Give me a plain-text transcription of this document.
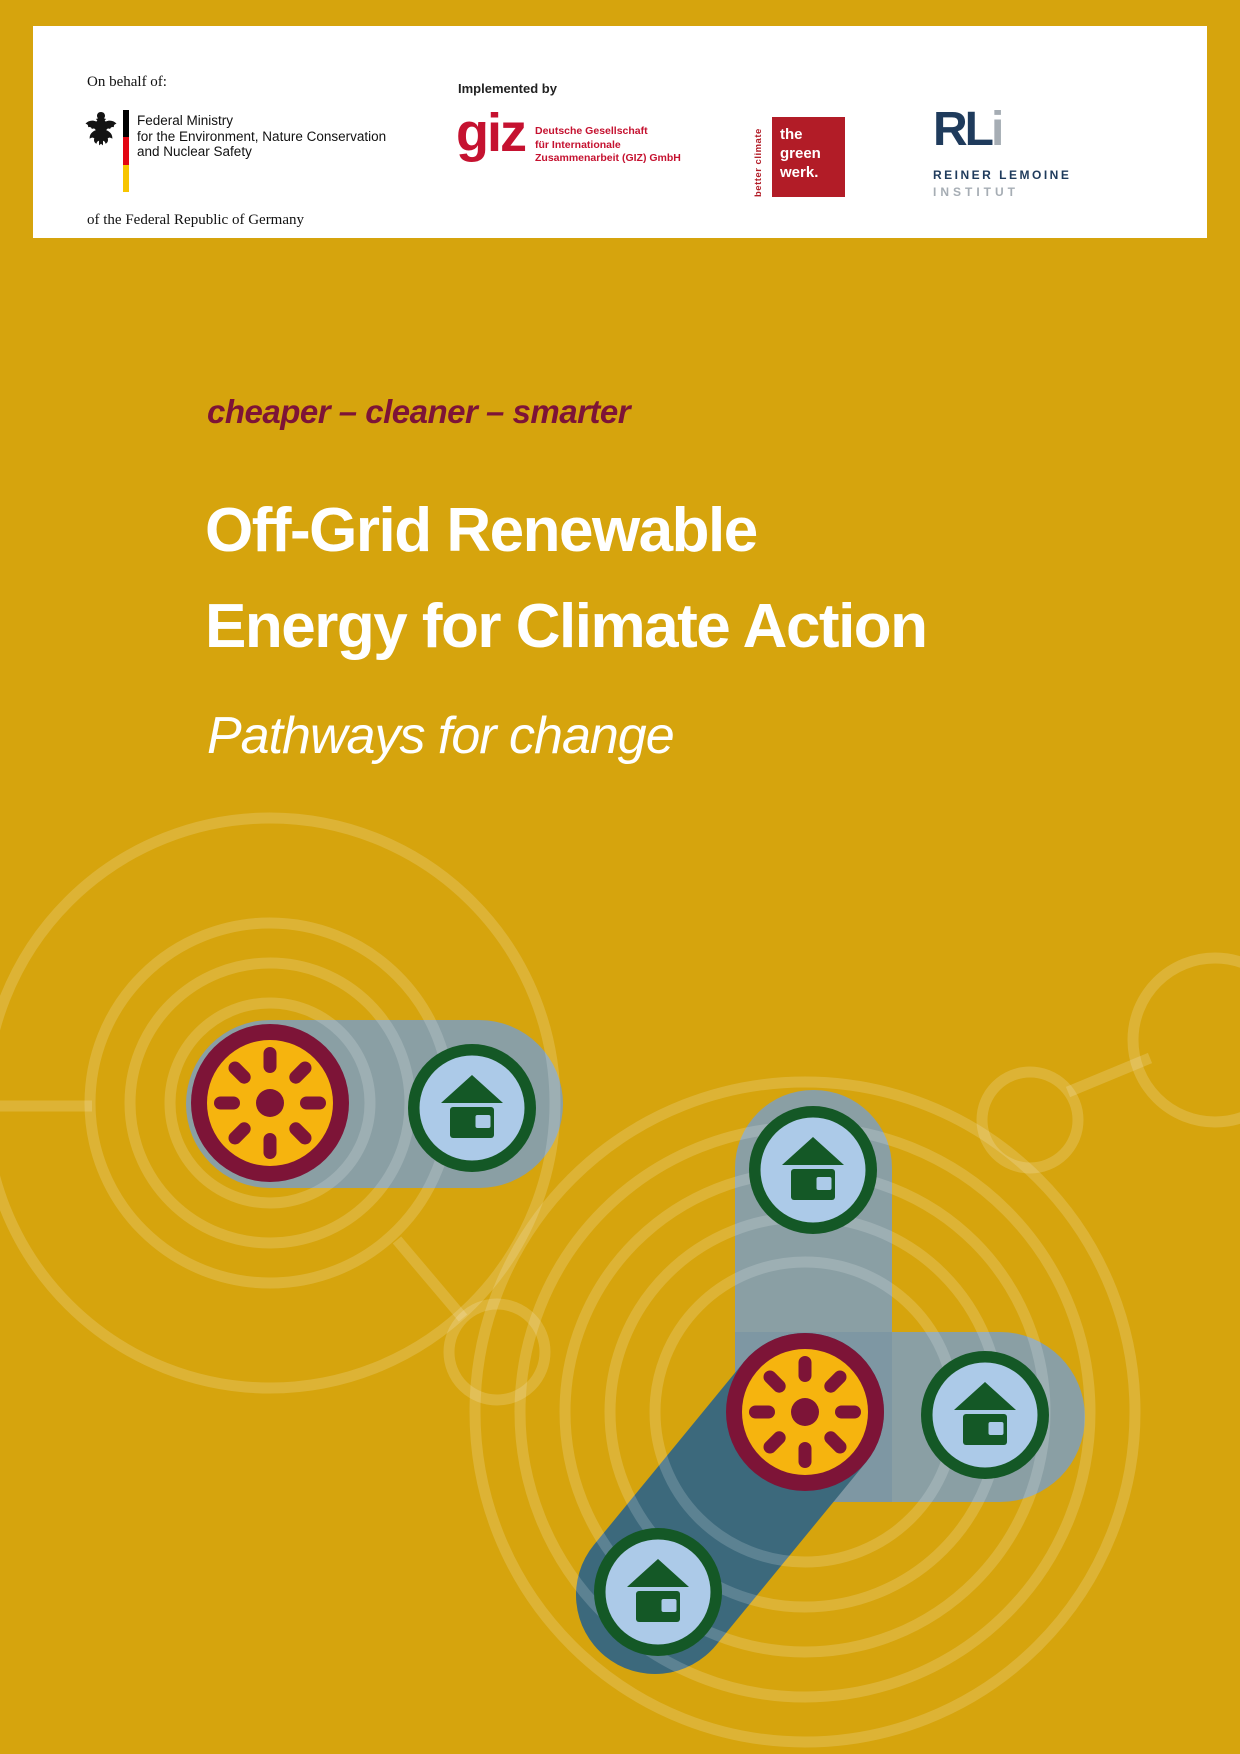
On behalf of:
Federal Ministry
for the Environment, Nature Conservation
and Nuclear Safety
of the Federal Republic of Germany
Implemented by
giz Deutsche Gesellschaft
für Internationale
Zusammenarbeit (GIZ) GmbH	better climate the
green
werk.
RLi
REINER LEMOINE
INSTITUT
cheaper – cleaner – smarter
Off-Grid Renewable
Energy for Climate Action
Pathways for change
